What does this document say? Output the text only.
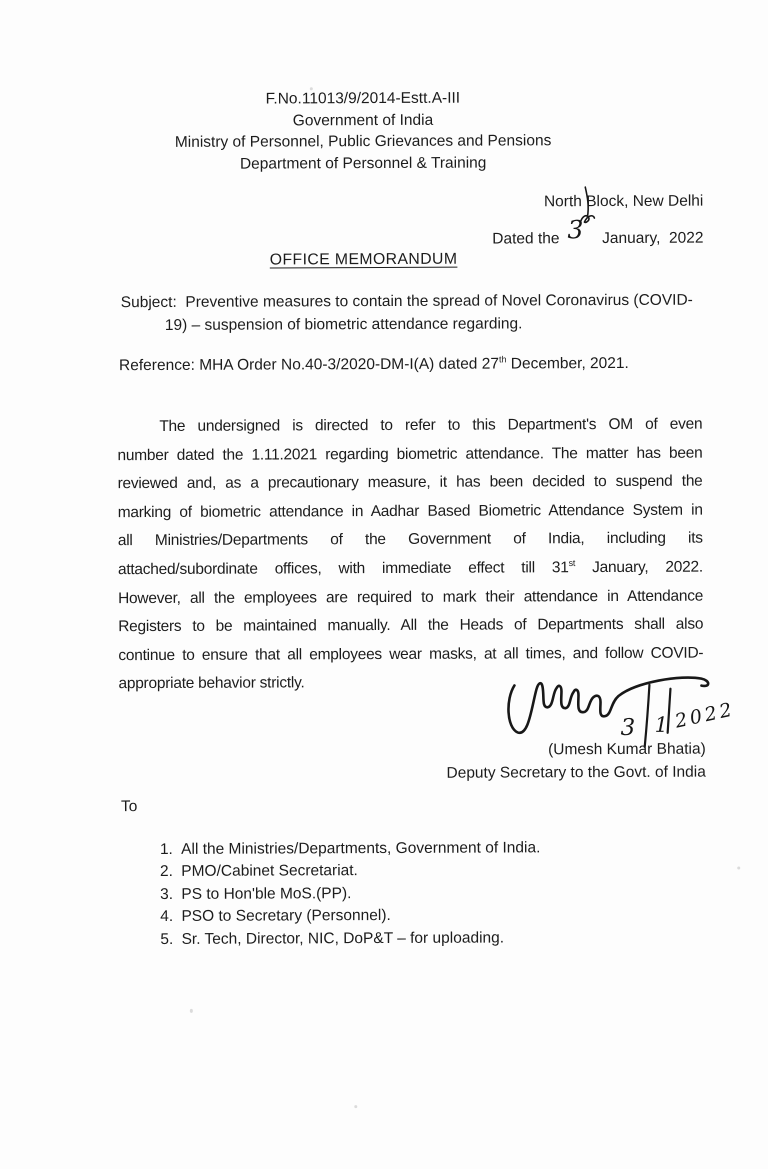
F.No.11013/9/2014-Estt.A-III
Government of India
Ministry of Personnel, Public Grievances and Pensions
Department of Personnel & Training
North Block, New Delhi
Dated the 3 January,  2022
OFFICE MEMORANDUM
Subject:  Preventive measures to contain the spread of Novel Coronavirus (COVID-
19) – suspension of biometric attendance regarding.
Reference: MHA Order No.40-3/2020-DM-I(A) dated 27th December, 2021.
The undersigned is directed to refer to this Department's OM of even
number dated the 1.11.2021 regarding biometric attendance. The matter has been
reviewed and, as a precautionary measure, it has been decided to suspend the
marking of biometric attendance in Aadhar Based Biometric Attendance System in
all Ministries/Departments of the Government of India, including its
attached/subordinate offices, with immediate effect till 31st January, 2022.
However, all the employees are required to mark their attendance in Attendance
Registers to be maintained manually. All the Heads of Departments shall also
continue to ensure that all employees wear masks, at all times, and follow COVID-
appropriate behavior strictly.
3 1 2022
(Umesh Kumar Bhatia)
Deputy Secretary to the Govt. of India
To
1. All the Ministries/Departments, Government of India.
2. PMO/Cabinet Secretariat.
3. PS to Hon'ble MoS.(PP).
4. PSO to Secretary (Personnel).
5. Sr. Tech, Director, NIC, DoP&T – for uploading.
